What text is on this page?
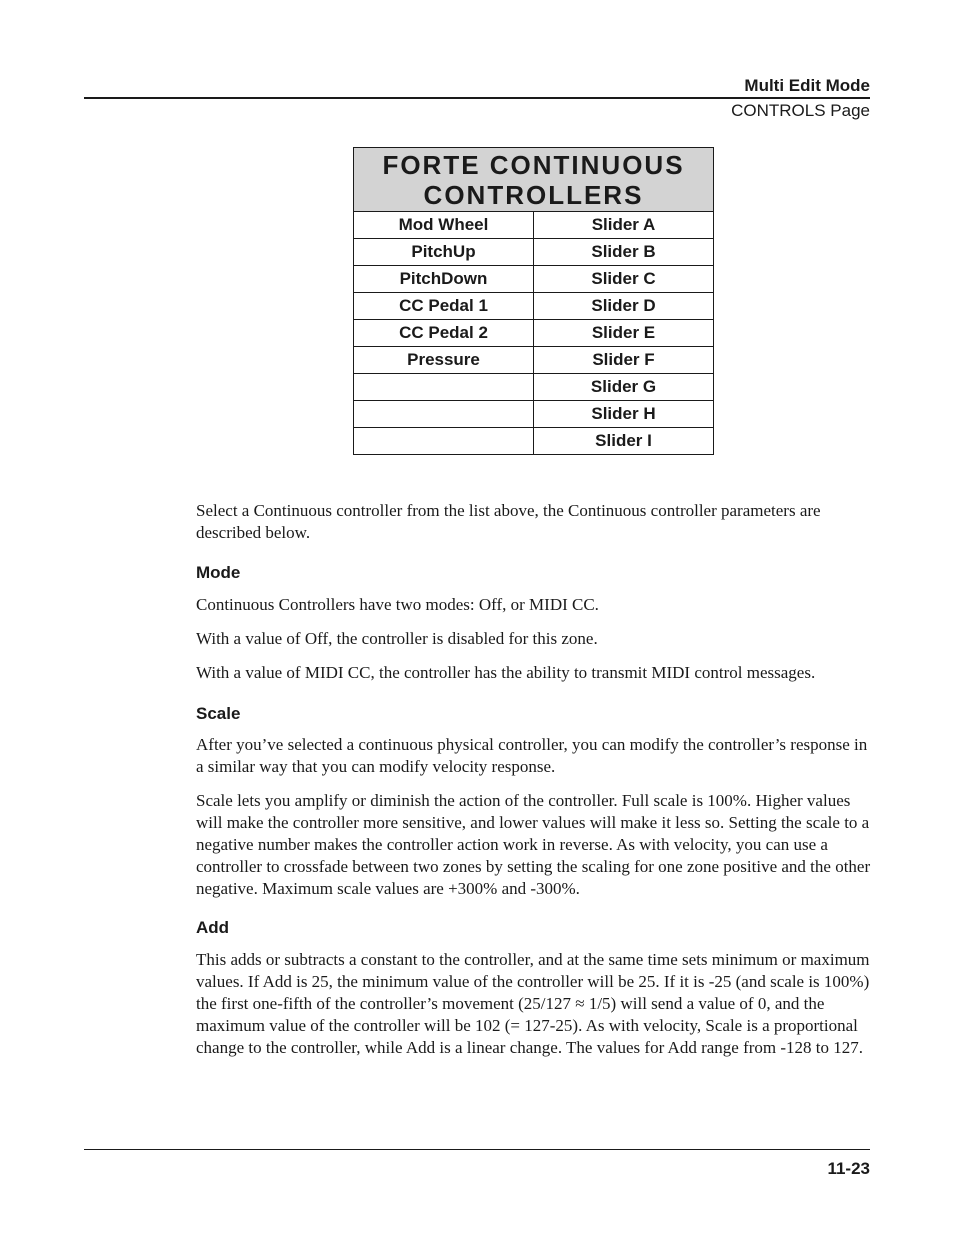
Multi Edit Mode
CONTROLS Page
FORTE CONTINUOUS CONTROLLERS	
Mod Wheel	Slider A
PitchUp	Slider B
PitchDown	Slider C
CC Pedal 1	Slider D
CC Pedal 2	Slider E
Pressure	Slider F
	Slider G
	Slider H
	Slider I

Select a Continuous controller from the list above, the Continuous controller parameters are described below.

Mode

Continuous Controllers have two modes: Off, or MIDI CC.

With a value of Off, the controller is disabled for this zone.

With a value of MIDI CC, the controller has the ability to transmit MIDI control messages.

Scale

After you’ve selected a continuous physical controller, you can modify the controller’s response in a similar way that you can modify velocity response.

Scale lets you amplify or diminish the action of the controller. Full scale is 100%. Higher values will make the controller more sensitive, and lower values will make it less so. Setting the scale to a negative number makes the controller action work in reverse. As with velocity, you can use a controller to crossfade between two zones by setting the scaling for one zone positive and the other negative. Maximum scale values are +300% and -300%.

Add

This adds or subtracts a constant to the controller, and at the same time sets minimum or maximum values. If Add is 25, the minimum value of the controller will be 25. If it is -25 (and scale is 100%) the first one-fifth of the controller’s movement (25/127 ≈ 1/5) will send a value of 0, and the maximum value of the controller will be 102 (= 127-25). As with velocity, Scale is a proportional change to the controller, while Add is a linear change. The values for Add range from -128 to 127.

11-23
